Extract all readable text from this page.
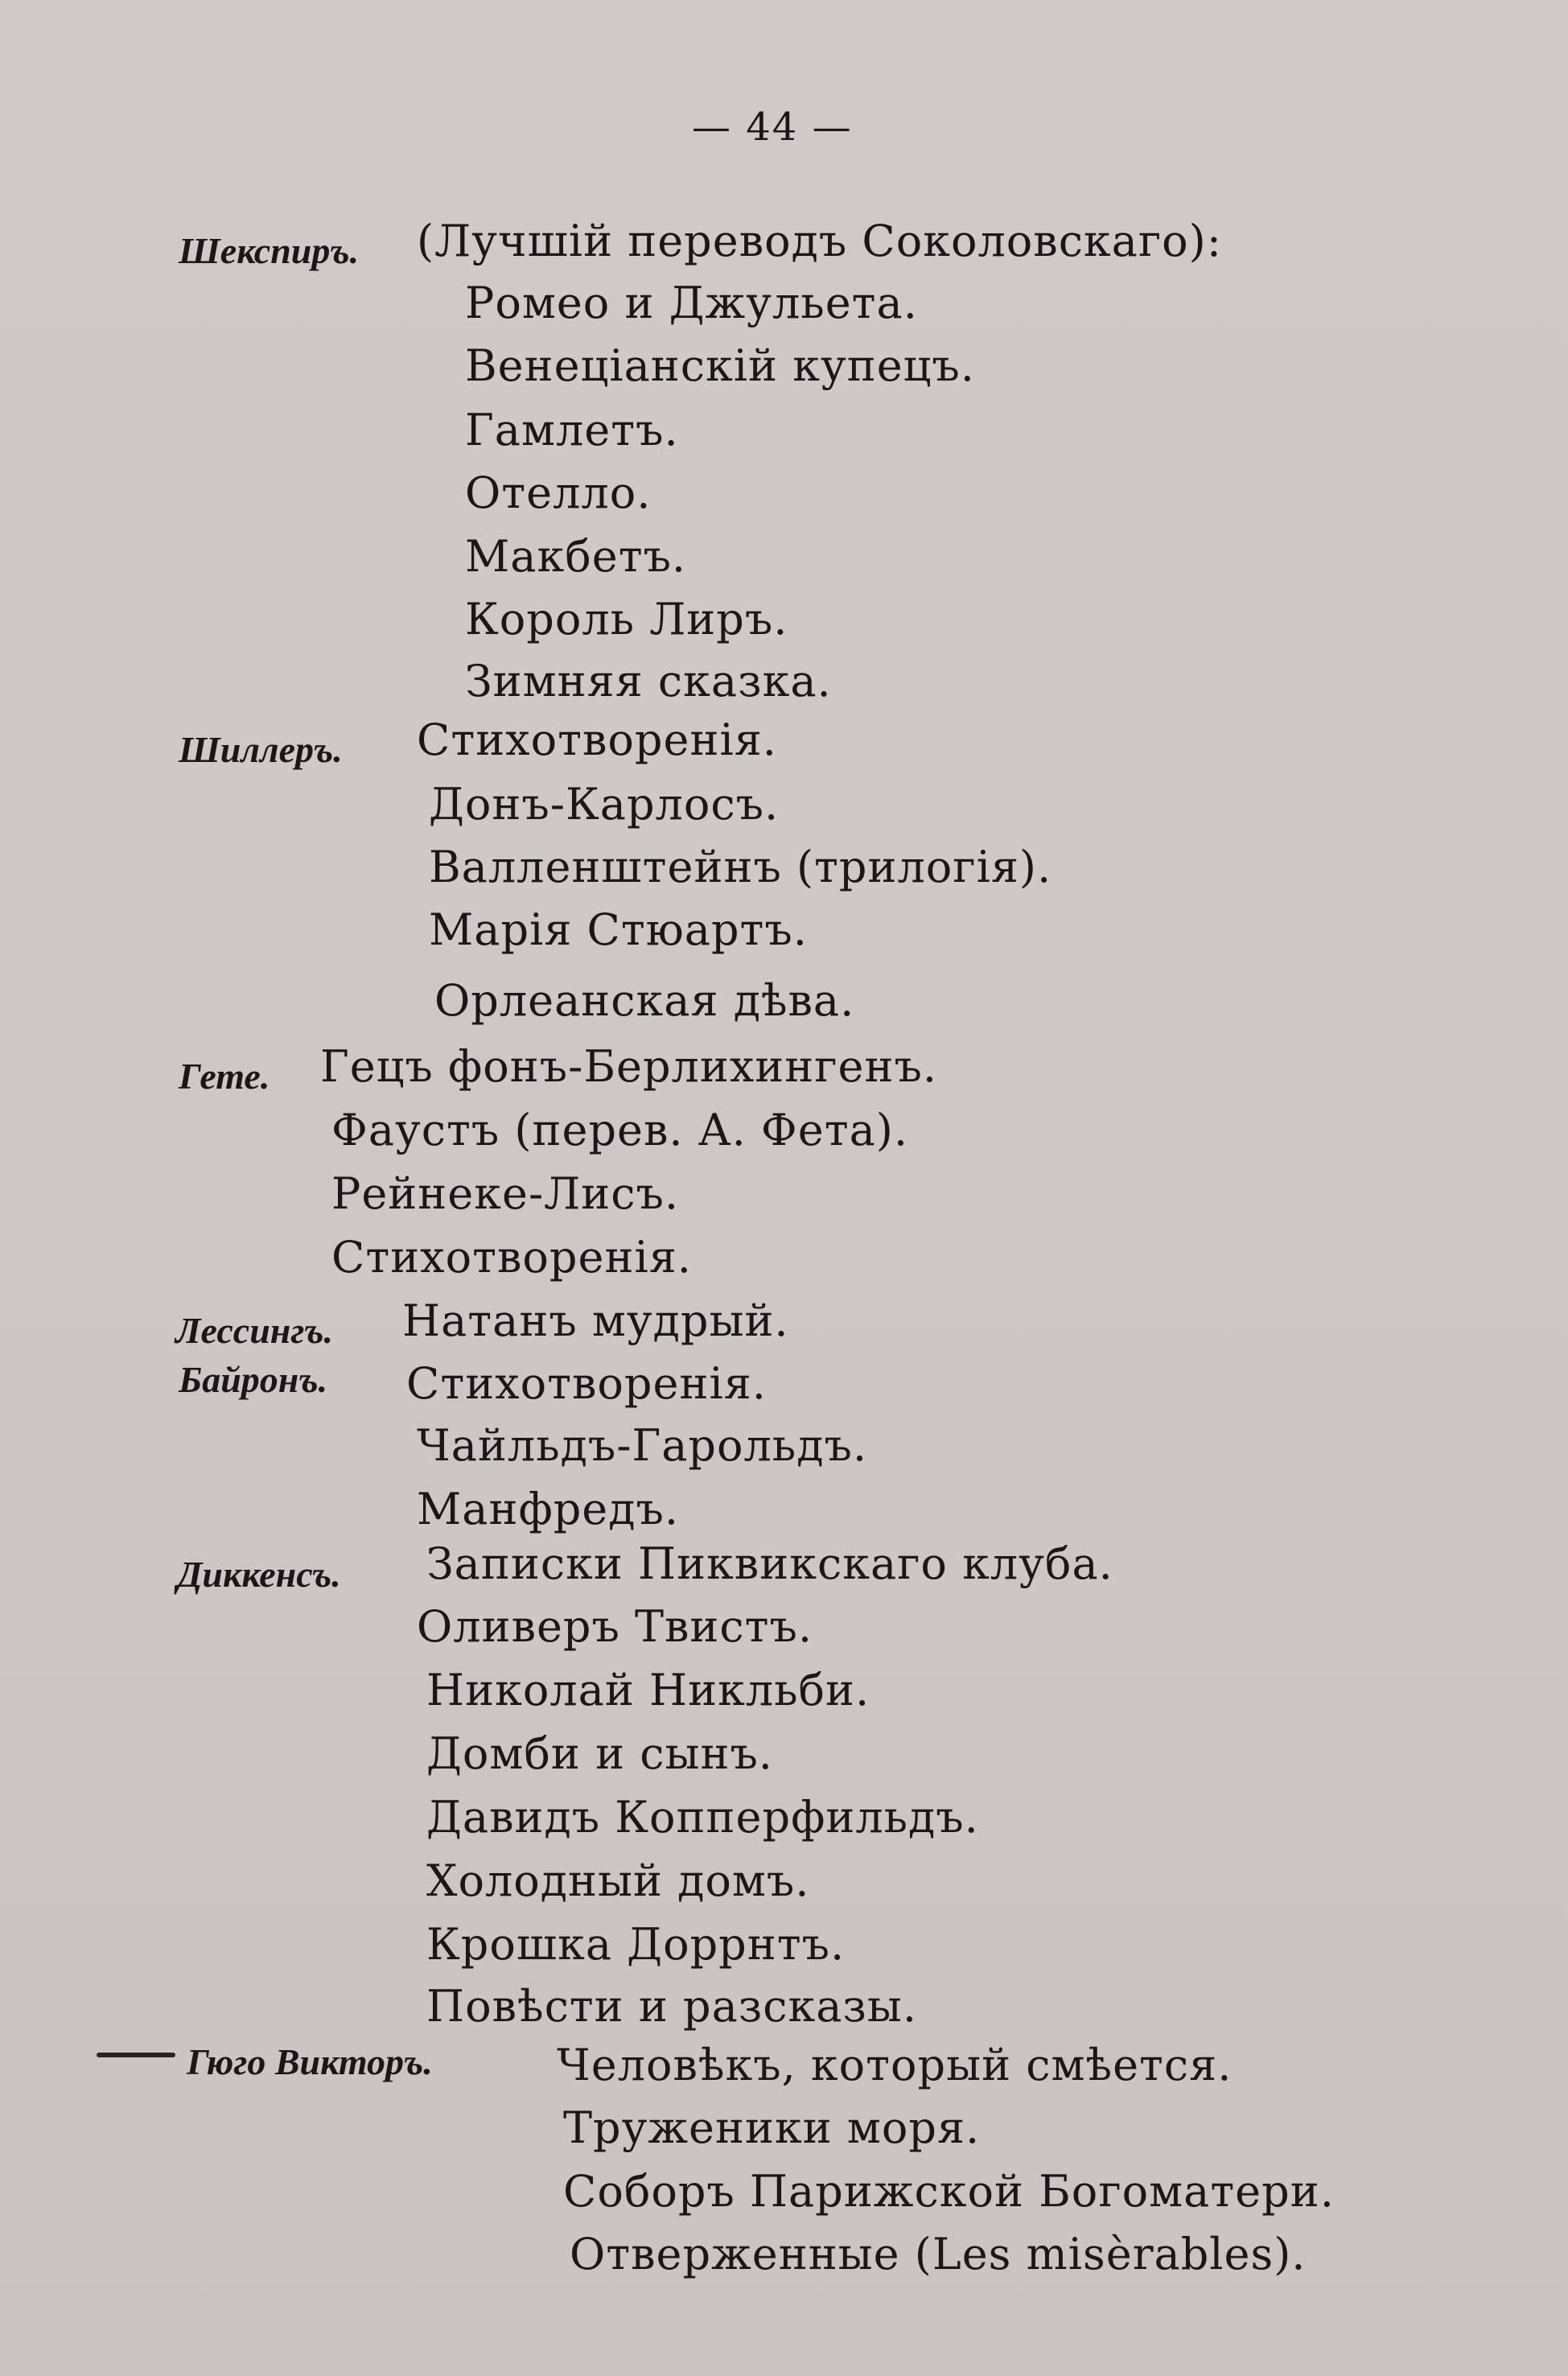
— 44 —
Шекспиръ. (Лучшій переводъ Соколовскаго):
Ромео и Джульета.
Венеціанскій купецъ.
Гамлетъ.
Отелло.
Макбетъ.
Король Лиръ.
Зимняя сказка.
Шиллеръ. Стихотворенія.
Донъ-Карлосъ.
Валленштейнъ (трилогія).
Марія Стюартъ.
Орлеанская дѣва.
Гете. Гецъ фонъ-Берлихингенъ.
Фаустъ (перев. А. Фета).
Рейнеке-Лисъ.
Стихотворенія.
Лессингъ. Натанъ мудрый.
Байронъ. Стихотворенія.
Чайльдъ-Гарольдъ.
Манфредъ.
Диккенсъ. Записки Пиквикскаго клуба.
Оливеръ Твистъ.
Николай Никльби.
Домби и сынъ.
Давидъ Копперфильдъ.
Холодный домъ.
Крошка Доррнтъ.
Повѣсти и разсказы.
Гюго Викторъ.	Человѣкъ, который смѣется.
Труженики моря.
Соборъ Парижской Богоматери.
Отверженные (Les misèrables).
